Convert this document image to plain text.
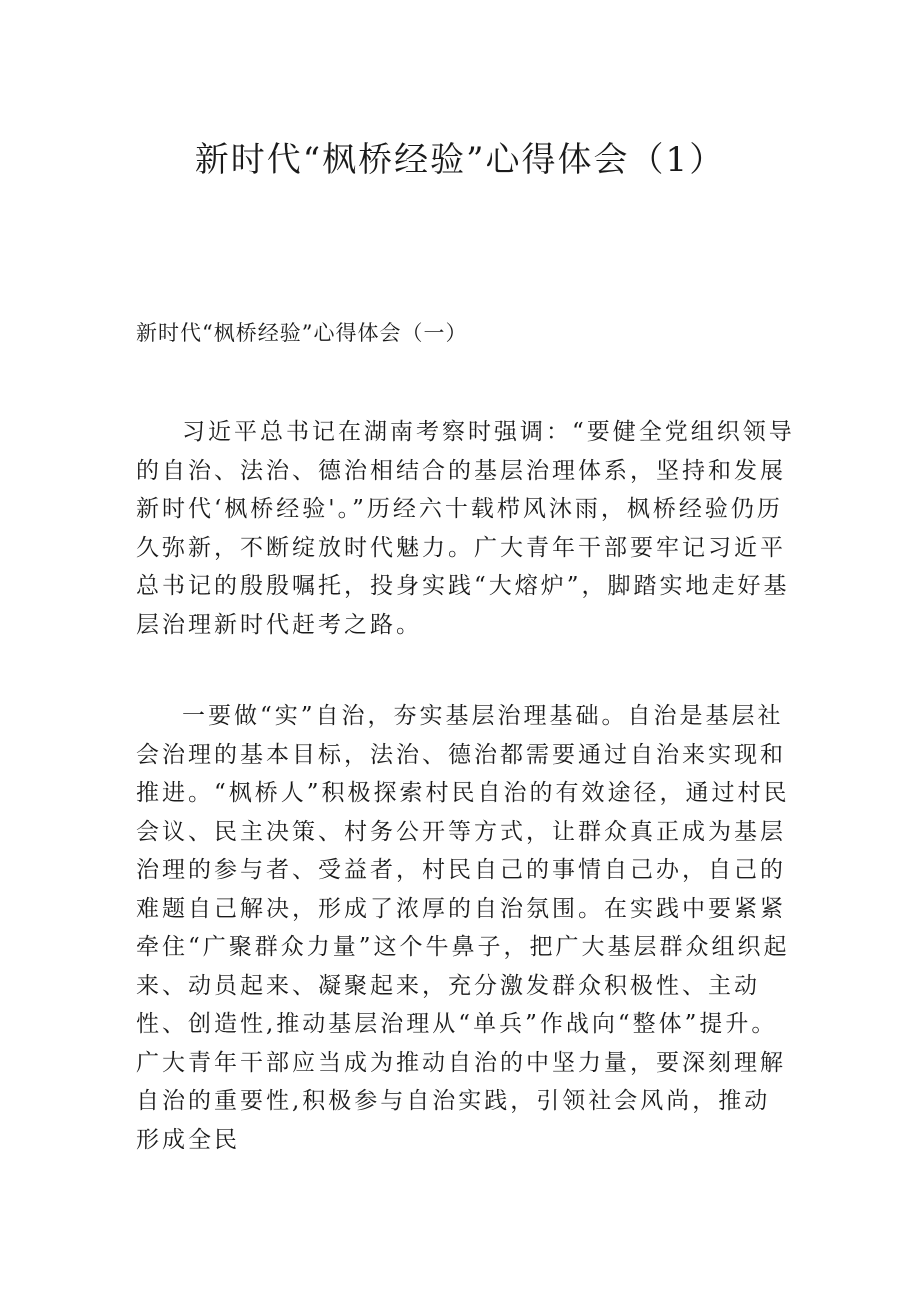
新时代“枫桥经验”心得体会（1）

新时代“枫桥经验”心得体会（一）

习近平总书记在湖南考察时强调：“要健全党组织领导的自治、法治、德治相结合的基层治理体系，坚持和发展新时代‘枫桥经验'。”历经六十载栉风沐雨，枫桥经验仍历久弥新，不断绽放时代魅力。广大青年干部要牢记习近平总书记的殷殷嘱托，投身实践“大熔炉”，脚踏实地走好基层治理新时代赶考之路。

一要做“实”自治，夯实基层治理基础。自治是基层社会治理的基本目标，法治、德治都需要通过自治来实现和推进。“枫桥人”积极探索村民自治的有效途径，通过村民会议、民主决策、村务公开等方式，让群众真正成为基层治理的参与者、受益者，村民自己的事情自己办，自己的难题自己解决，形成了浓厚的自治氛围。在实践中要紧紧牵住“广聚群众力量”这个牛鼻子，把广大基层群众组织起来、动员起来、凝聚起来，充分激发群众积极性、主动性、创造性,推动基层治理从“单兵”作战向“整体”提升。广大青年干部应当成为推动自治的中坚力量，要深刻理解自治的重要性,积极参与自治实践，引领社会风尚，推动形成全民
